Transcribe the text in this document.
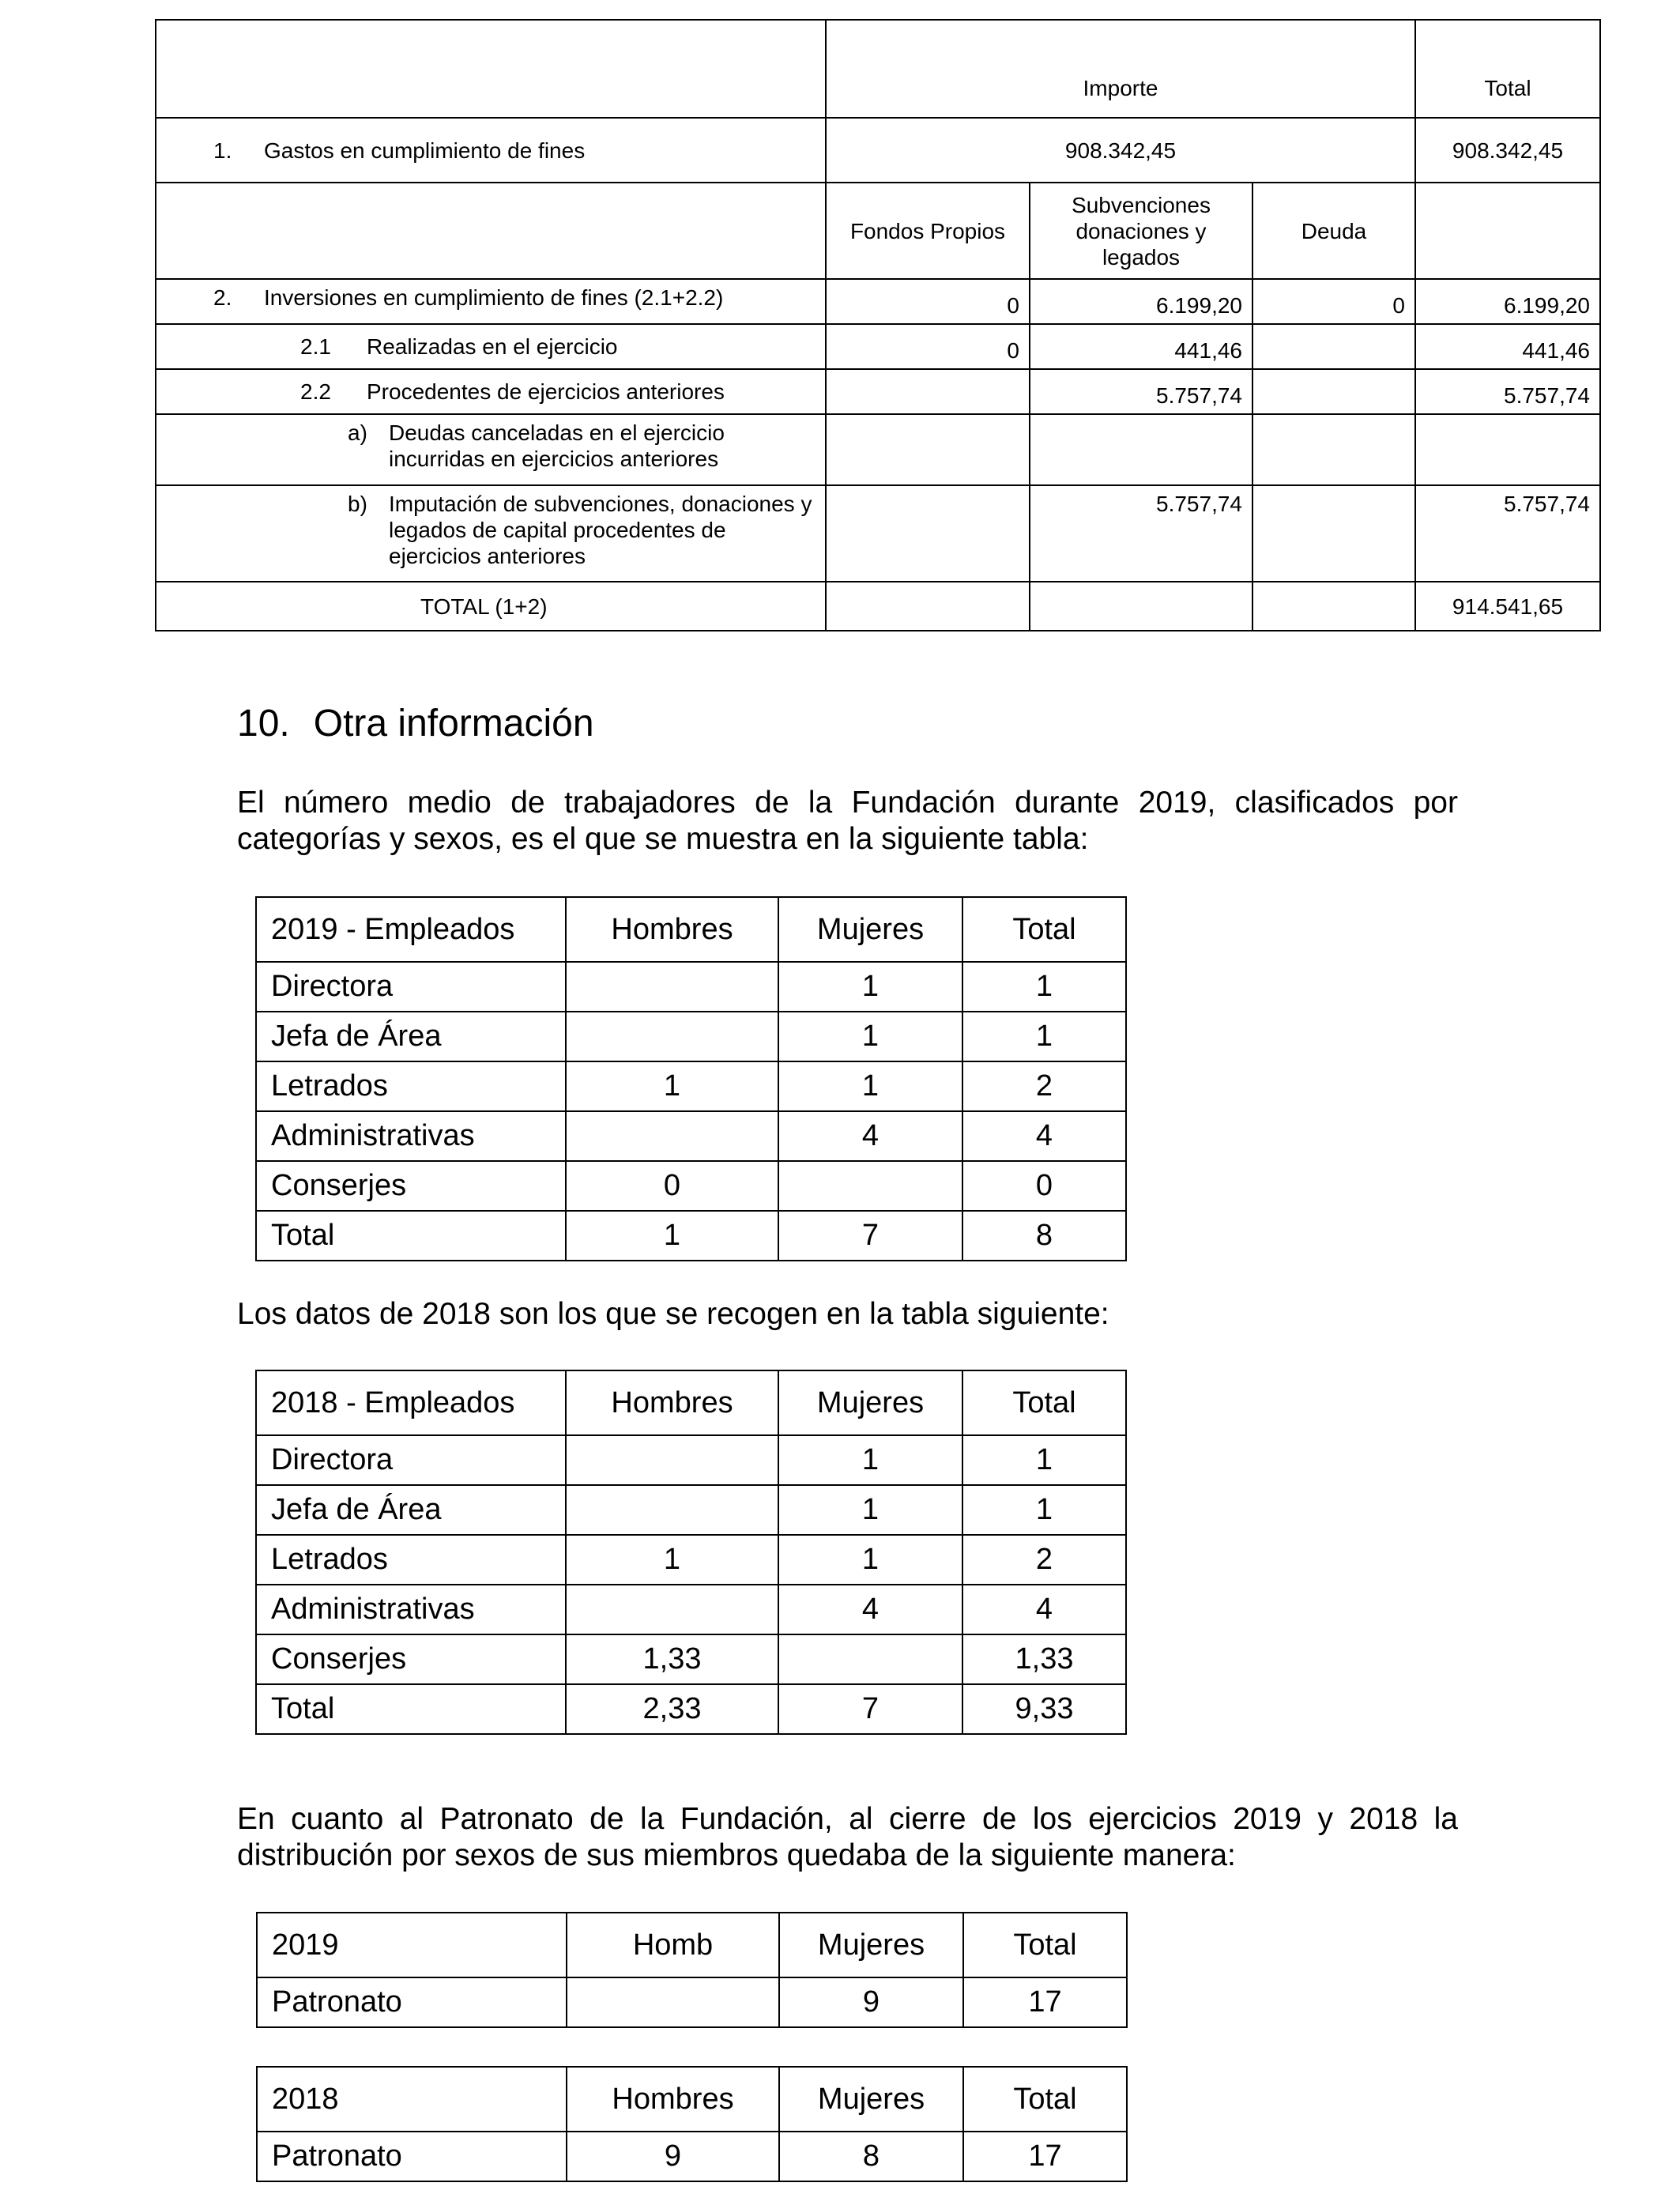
	Importe			Total

1. Gastos en cumplimiento de fines	908.342,45			908.342,45
	Fondos Propios	Subvenciones donaciones y legados	Deuda	

2. Inversiones en cumplimiento de fines (2.1+2.2)	0	6.199,20	0	6.199,20

2.1 Realizadas en el ejercicio	0	441,46		441,46

2.2 Procedentes de ejercicios anteriores		5.757,74		5.757,74

a) Deudas canceladas en el ejercicio incurridas en ejercicios anteriores				

b) Imputación de subvenciones, donaciones y legados de capital procedentes de ejercicios anteriores		5.757,74		5.757,74

TOTAL (1+2)				914.541,65
10. Otra información
El número medio de trabajadores de la Fundación durante 2019, clasificados por categorías y sexos, es el que se muestra en la siguiente tabla:
2019 - Empleados	Hombres	Mujeres	Total
Directora		1	1
Jefa de Área		1	1
Letrados	1	1	2
Administrativas		4	4
Conserjes	0		0
Total	1	7	8
Los datos de 2018 son los que se recogen en la tabla siguiente:
2018 - Empleados	Hombres	Mujeres	Total
Directora		1	1
Jefa de Área		1	1
Letrados	1	1	2
Administrativas		4	4
Conserjes	1,33		1,33
Total	2,33	7	9,33
En cuanto al Patronato de la Fundación, al cierre de los ejercicios 2019 y 2018 la distribución por sexos de sus miembros quedaba de la siguiente manera:
2019	Homb	Mujeres	Total
Patronato		9	17
2018	Hombres	Mujeres	Total
Patronato	9	8	17
